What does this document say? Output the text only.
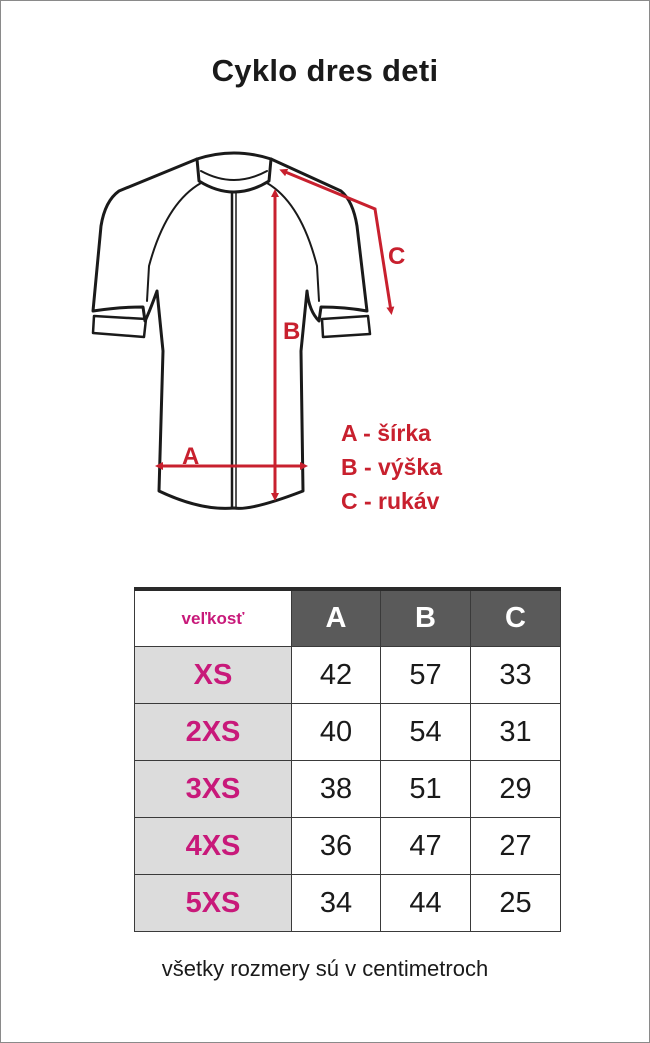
Cyklo dres deti
A
B
C
A - šírka
B - výška
C - rukáv
veľkosť	A	B	C
XS	42	57	33
2XS	40	54	31
3XS	38	51	29
4XS	36	47	27
5XS	34	44	25
všetky rozmery sú v centimetroch
